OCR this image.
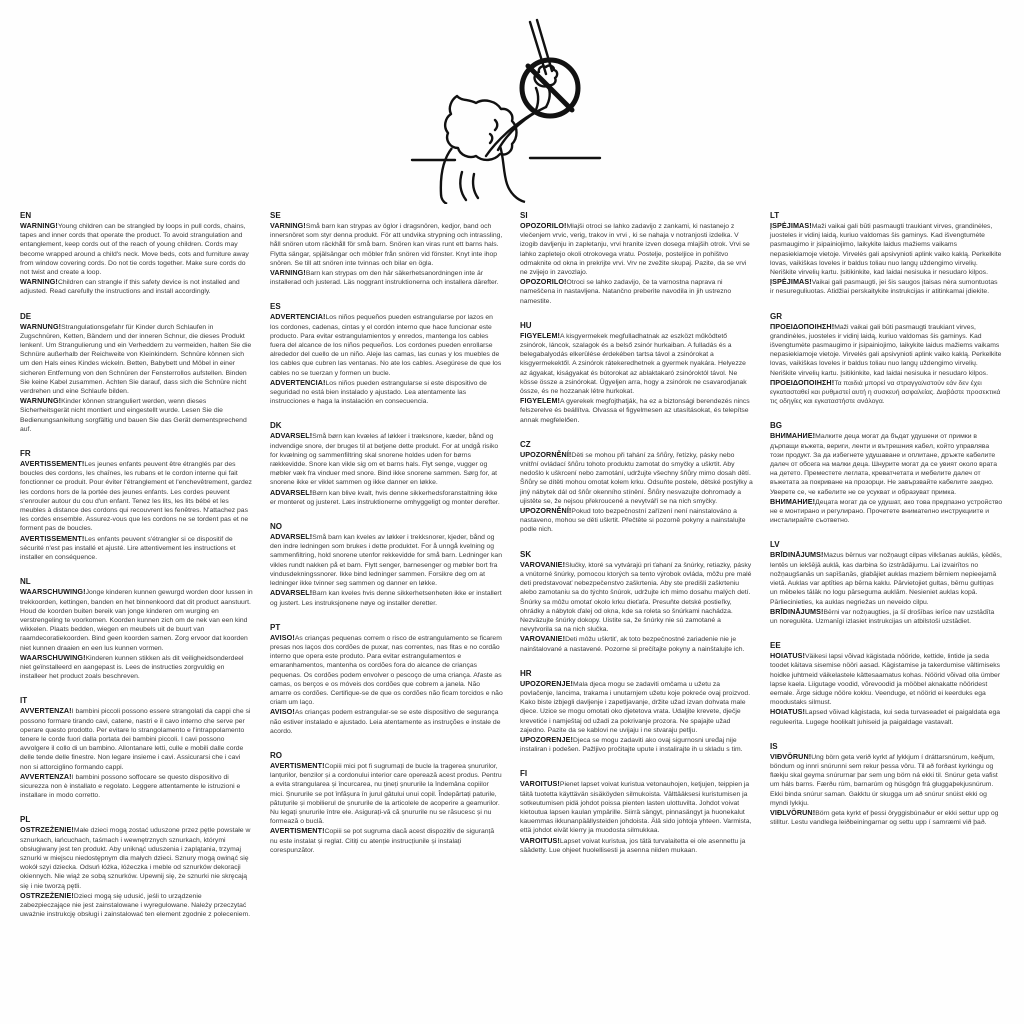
EN

WARNING!Young children can be strangled by loops in pull cords, chains, tapes and inner cords that operate the product. To avoid strangulation and entanglement, keep cords out of the reach of young children. Cords may become wrapped around a child's neck. Move beds, cots and furniture away from window covering cords. Do not tie cords together. Make sure cords do not twist and create a loop.

WARNING!Children can strangle if this safety device is not installed and adjusted. Read carefully the instructions and install accordingly.

DE

WARNUNG!Strangulationsgefahr für Kinder durch Schlaufen in Zugschnüren, Ketten, Bändern und der inneren Schnur, die dieses Produkt lenken!. Um Strangulierung und ein Verheddern zu vermeiden, halten Sie die Schnüre außerhalb der Reichweite von Kleinkindern. Schnüre können sich um den Hals eines Kindes wickeln. Betten, Babybett und Möbel in einer sicheren Entfernung von den Schnüren der Fensterrollos aufstellen. Binden Sie keine Kabel zusammen. Achten Sie darauf, dass sich die Schnüre nicht verdrehen und eine Schlaufe bilden.

WARNUNG!Kinder können stranguliert werden, wenn dieses Sicherheitsgerät nicht montiert und eingestellt wurde. Lesen Sie die Bedienungsanleitung sorgfältig und bauen Sie das Gerät dementsprechend auf.

FR

AVERTISSEMENT!Les jeunes enfants peuvent être étranglés par des boucles des cordons, les chaînes, les rubans et le cordon interne qui fait fonctionner ce produit. Pour éviter l'étranglement et l'enchevêtrement, gardez les cordons hors de la portée des jeunes enfants. Les cordes peuvent s'enrouler autour du cou d'un enfant. Tenez les lits, les lits bébé et les meubles à distance des cordons qui recouvrent les fenêtres. N'attachez pas les cordes ensemble. Assurez-vous que les cordons ne se tordent pas et ne forment pas de boucles.

AVERTISSEMENT!Les enfants peuvent s'étrangler si ce dispositif de sécurité n'est pas installé et ajusté. Lire attentivement les instructions et installer en conséquence.

NL

WAARSCHUWING!Jonge kinderen kunnen gewurgd worden door lussen in trekkoorden, kettingen, banden en het binnenkoord dat dit product aanstuurt. Houd de koorden buiten bereik van jonge kinderen om wurging en verstrengeling te voorkomen. Koorden kunnen zich om de nek van een kind wikkelen. Plaats bedden, wiegen en meubels uit de buurt van raamdecoratiekoorden. Bind geen koorden samen. Zorg ervoor dat koorden niet kunnen draaien en een lus kunnen vormen.

WAARSCHUWING!Kinderen kunnen stikken als dit veiligheidsonderdeel niet geïnstalleerd en aangepast is. Lees de instructies zorgvuldig en installeer het product zoals beschreven.

IT

AVVERTENZA!I bambini piccoli possono essere strangolati da cappi che si possono formare tirando cavi, catene, nastri e il cavo interno che serve per operare questo prodotto. Per evitare lo strangolamento e l'intrappolamento tenere le corde fuori dalla portata dei bambini piccoli. I cavi possono avvolgere il collo di un bambino. Allontanare letti, culle e mobili dalle corde delle tende delle finestre. Non legare insieme i cavi. Assicurarsi che i cavi non si attorciglino formando cappi.

AVVERTENZA!I bambini possono soffocare se questo dispositivo di sicurezza non è installato e regolato. Leggere attentamente le istruzioni e installare in modo corretto.

PL

OSTRZEŻENIE!Małe dzieci mogą zostać uduszone przez pętle powstałe w sznurkach, łańcuchach, taśmach i wewnętrznych sznurkach, którymi obsługiwany jest ten produkt. Aby uniknąć uduszenia i zaplątania, trzymaj sznurki w miejscu niedostępnym dla małych dzieci. Sznury mogą owinąć się wokół szyi dziecka. Odsuń łóżka, łóżeczka i meble od sznurków dekoracji okiennych. Nie wiąż ze sobą sznurków. Upewnij się, że sznurki nie skręcają się i nie tworzą pętli.

OSTRZEŻENIE!Dzieci mogą się udusić, jeśli to urządzenie zabezpieczające nie jest zainstalowane i wyregulowane. Należy przeczytać uważnie instrukcję obsługi i zainstalować ten element zgodnie z poleceniem.

SE

VARNING!Små barn kan strypas av öglor i dragsnören, kedjor, band och innersnöret som styr denna produkt. För att undvika strypning och intrassling, håll snören utom räckhåll för små barn. Snören kan viras runt ett barns hals. Flytta sängar, spjälsängar och möbler från snören vid fönster. Knyt inte ihop snören. Se till att snören inte tvinnas och bilar en ögla.

VARNING!Barn kan strypas om den här säkerhetsanordningen inte är installerad och justerad. Läs noggrant instruktionerna och installera därefter.

ES

ADVERTENCIA!Los niños pequeños pueden estrangularse por lazos en los cordones, cadenas, cintas y el cordón interno que hace funcionar este producto. Para evitar estrangulamientos y enredos, mantenga los cables fuera del alcance de los niños pequeños. Los cordones pueden enrollarse alrededor del cuello de un niño. Aleje las camas, las cunas y los muebles de los cables que cubren las ventanas. No ate los cables. Asegúrese de que los cables no se tuerzan y formen un bucle.

ADVERTENCIA!Los niños pueden estrangularse si este dispositivo de seguridad no está bien instalado y ajustado. Lea atentamente las instrucciones e haga la instalación en consecuencia.

DK

ADVARSEL!Små børn kan kvæles af løkker i træksnore, kæder, bånd og indvendige snore, der bruges til at betjene dette produkt. For at undgå risiko for kvælning og sammenfiltring skal snorene holdes uden for børns rækkevidde. Snore kan vikle sig om et barns hals. Flyt senge, vugger og møbler væk fra vinduer med snore. Bind ikke snorene sammen. Sørg for, at snorene ikke er viklet sammen og ikke danner en løkke.

ADVARSEL!Børn kan blive kvalt, hvis denne sikkerhedsforanstaltning ikke er monteret og justeret. Læs instruktionerne omhyggeligt og monter derefter.

NO

ADVARSEL!Små barn kan kveles av løkker i trekksnorer, kjeder, bånd og den indre ledningen som brukes i dette produktet. For å unngå kvelning og sammenfiltring, hold snorene utenfor rekkevidde for små barn. Ledninger kan vikles rundt nakken på et barn. Flytt senger, barnesenger og møbler bort fra vindusdekningssnorer. Ikke bind ledninger sammen. Forsikre deg om at ledninger ikke tvinner seg sammen og danner en løkke.

ADVARSEL!Barn kan kveles hvis denne sikkerhetsenheten ikke er installert og justert. Les instruksjonene nøye og installer deretter.

PT

AVISO!As crianças pequenas correm o risco de estrangulamento se ficarem presas nos laços dos cordões de puxar, nas correntes, nas fitas e no cordão interno que opera este produto. Para evitar estrangulamentos e emaranhamentos, mantenha os cordões fora do alcance de crianças pequenas. Os cordões podem envolver o pescoço de uma criança. Afaste as camas, os berços e os móveis dos cordões que cobrem a janela. Não amarre os cordões. Certifique-se de que os cordões não ficam torcidos e não criam um laço.

AVISO!As crianças podem estrangular-se se este dispositivo de segurança não estiver instalado e ajustado. Leia atentamente as instruções e instale de acordo.

RO

AVERTISMENT!Copiii mici pot fi sugrumați de bucle la tragerea șnururilor, lanțurilor, benzilor și a cordonului interior care operează acest produs. Pentru a evita strangularea și încurcarea, nu țineți șnururile la îndemâna copiilor mici. Șnururile se pot înfășura în jurul gâtului unui copil. Îndepărtați paturile, pătuțurile și mobilierul de șnururile de la articolele de acoperire a geamurilor. Nu legați șnururile între ele. Asigurați-vă că șnururile nu se răsucesc și nu formează o buclă.

AVERTISMENT!Copiii se pot sugruma dacă acest dispozitiv de siguranță nu este instalat și reglat. Citiți cu atenție instrucțiunile și instalați corespunzător.

SI

OPOZORILO!Mlajši otroci se lahko zadavijo z zankami, ki nastanejo z vlečenjem vrvic, verig, trakov in vrvi , ki se nahaja v notranjosti izdelka. V izogib davljenju in zapletanju, vrvi hranite izven dosega mlajših otrok. Vrvi se lahko zapletejo okoli otrokovega vratu. Postelje, posteljice in pohištvo odmaknite od okna in prekrijte vrvi. Vrv ne zvežite skupaj. Pazite, da se vrvi ne zvijejo in zavozlajo.

OPOZORILO!Otroci se lahko zadavijo, če ta varnostna naprava ni nameščena in nastavljena. Natančno preberite navodila in jih ustrezno namestite.

HU

FIGYELEM!A kisgyermekek megfulladhatnak az eszközt működtető zsinórok, láncok, szalagok és a belső zsinór hurkaiban. A fulladás és a belegabalyodás elkerülése érdekében tartsa távol a zsinórokat a kisgyermekektől. A zsinórok rátekeredhetnek a gyermek nyakára. Helyezze az ágyakat, kiságyakat és bútorokat az ablaktakaró zsinóroktól távol. Ne kösse össze a zsinórokat. Ügyeljen arra, hogy a zsinórok ne csavarodjanak össze, és ne hozzanak létre hurkokat.

FIGYELEM!A gyerekek megfojthatják, ha ez a biztonsági berendezés nincs felszerelve és beállítva. Olvassa el figyelmesen az utasításokat, és telepítse annak megfelelően.

CZ

UPOZORNĚNÍ!Děti se mohou při tahání za šňůry, řetízky, pásky nebo vnitřní ovládací šňůru tohoto produktu zamotat do smyčky a uškrtit. Aby nedošlo k uškrcení nebo zamotání, udržujte všechny šňůry mimo dosah dětí. Šňůry se dítěti mohou omotat kolem krku. Odsuňte postele, dětské postýlky a jiný nábytek dál od šňůr okenního stínění. Šňůry nesvazujte dohromady a ujistěte se, že nejsou překroucené a nevytváří se na nich smyčky.

UPOZORNĚNÍ!Pokud toto bezpečnostní zařízení není nainstalováno a nastaveno, mohou se děti uškrtit. Přečtěte si pozorně pokyny a nainstalujte podle nich.

SK

VAROVANIE!Slučky, ktoré sa vytvárajú pri ťahaní za šnúrky, retiazky, pásky a vnútorné šnúrky, pomocou ktorých sa tento výrobok ovláda, môžu pre malé deti predstavovať nebezpečenstvo zaškrtenia. Aby ste predišli zaškrteniu alebo zamotaniu sa do týchto šnúrok, udržujte ich mimo dosahu malých detí. Šnúrky sa môžu omotať okolo krku dieťaťa. Presuňte detské postieľky, ohrádky a nábytok ďalej od okna, kde sa roleta so šnúrkami nachádza. Nezväzujte šnúrky dokopy. Uistite sa, že šnúrky nie sú zamotané a nevytvorila sa na nich slučka.

VAROVANIE!Deti môžu uškrtiť, ak toto bezpečnostné zariadenie nie je nainštalované a nastavené. Pozorne si prečítajte pokyny a nainštalujte ich.

HR

UPOZORENJE!Mala djeca mogu se zadaviti omčama u užetu za povlačenje, lancima, trakama i unutarnjem užetu koje pokreće ovaj proizvod. Kako biste izbjegli davljenje i zapetljavanje, držite užad izvan dohvata male djece. Uzice se mogu omotati oko djetetova vrata. Udaljite krevete, dječje krevetiće i namještaj od užadi za pokrivanje prozora. Ne spajajte užad zajedno. Pazite da se kablovi ne uvijaju i ne stvaraju petlju.

UPOZORENJE!Djeca se mogu zadaviti ako ovaj sigurnosni uređaj nije instaliran i podešen. Pažljivo pročitajte upute i instalirajte ih u skladu s tim.

FI

VAROITUS!Pienet lapset voivat kuristua vetonauhojen, ketjujen, teippien ja täitä tuotetta käyttävän sisäköyden silmukoista. Välttääksesi kuristumisen ja sotkeutumisen pidä johdot poissa pienten lasten ulottuvilta. Johdot voivat kietoutua lapsen kaulan ympärille. Siirrä sängyt, pinnasängyt ja huonekalut kauemmas ikkunanpäällysteiden johdoista. Älä sido johtoja yhteen. Varmista, että johdot eivät kierry ja muodosta silmukkaa.

VAROITUS!Lapset voivat kuristua, jos tätä turvalaitetta ei ole asennettu ja säädetty. Lue ohjeet huolellisesti ja asenna niiden mukaan.

LT

ĮSPĖJIMAS!Maži vaikai gali būti pasmaugti traukiant virves, grandinėles, juosteles ir vidinį laidą, kuriuo valdomas šis gaminys. Kad išvengtumėte pasmaugimo ir įsipainiojimo, laikykite laidus mažiems vaikams nepasiekiamoje vietoje. Virvelės gali apsivynioti aplink vaiko kaklą. Perkelkite lovas, vaikiškas loveles ir baldus toliau nuo langų uždengimo virvelių. Neriškite virvelių kartu. Įsitikinkite, kad laidai nesisuka ir nesudaro kilpos.

ĮSPĖJIMAS!Vaikai gali pasmaugti, jei šis saugos įtaisas nėra sumontuotas ir nesureguliuotas. Atidžiai perskaitykite instrukcijas ir atitinkamai įdiekite.

GR

ΠΡΟΕΙΔΟΠΟΙΗΣΗ!Maži vaikai gali būti pasmaugti traukiant virves, grandinėles, juosteles ir vidinį laidą, kuriuo valdomas šis gaminys. Kad išvengtumėte pasmaugimo ir įsipainiojimo, laikykite laidus mažiems vaikams nepasiekiamoje vietoje. Virvelės gali apsivynioti aplink vaiko kaklą. Perkelkite lovas, vaikiškas loveles ir baldus toliau nuo langų uždengimo virvelių. Neriškite virvelių kartu. Įsitikinkite, kad laidai nesisuka ir nesudaro kilpos.

ΠΡΟΕΙΔΟΠΟΙΗΣΗ!Τα παιδιά μπορεί να στραγγαλιστούν εάν δεν έχει εγκατασταθεί και ρυθμιστεί αυτή η συσκευή ασφαλείας. Διαβάστε προσεκτικά τις οδηγίες και εγκαταστήστε ανάλογα.

BG

ВНИМАНИЕ!Малките деца могат да бъдат удушени от примки в дърпащи въжета, вериги, ленти и вътрешния кабел, който управлява този продукт. За да избегнете удушаване и оплитане, дръжте кабелите далеч от обсега на малки деца. Шнурите могат да се увият около врата на детето. Преместете леглата, креватчетата и мебелите далеч от въжетата за покриване на прозорци. Не завързвайте кабелите заедно. Уверете се, че кабелите не се усукват и образуват примка.

ВНИМАНИЕ!Децата могат да се удушат, ако това предпазно устройство не е монтирано и регулирано. Прочетете внимателно инструкциите и инсталирайте съответно.

LV

BRĪDINĀJUMS!Mazus bērnus var nožņaugt cilpas vilkšanas auklās, ķēdēs, lentēs un iekšējā auklā, kas darbina šo izstrādājumu. Lai izvairītos no nožņaugšanās un sapīšanās, glabājiet auklas maziem bērniem nepieejamā vietā. Auklas var aptīties ap bērna kaklu. Pārvietojiet gultas, bērnu gultiņas un mēbeles tālāk no logu pārseguma auklām. Nesieniet auklas kopā. Pārliecinieties, ka auklas negriežas un neveido cilpu.

BRĪDINĀJUMS!Bērni var nožņaugties, ja šī drošības ierīce nav uzstādīta un noregulēta. Uzmanīgi izlasiet instrukcijas un atbilstoši uzstādiet.

EE

HOIATUS!Väikesi lapsi võivad kägistada nööride, kettide, lintide ja seda toodet käitava sisemise nööri aasad. Kägistamise ja takerdumise vältimiseks hoidke juhtmeid väikelastele kättesaamatus kohas. Nöörid võivad olla ümber lapse kaela. Liigutage voodid, võrevoodid ja mööbel aknakatte nööridest eemale. Ärge siduge nööre kokku. Veenduge, et nöörid ei keerduks ega moodustaks silmust.

HOIATUS!Lapsed võivad kägistada, kui seda turvaseadet ei paigaldata ega reguleerita. Lugege hoolikalt juhiseid ja paigaldage vastavalt.

IS

VIÐVÖRUN!Ung börn geta verið kyrkt af lykkjum í dráttarsnúrum, keðjum, böndum og innri snúrunni sem rekur þessa vöru. Til að forðast kyrkingu og flækju skal geyma snúrurnar þar sem ung börn ná ekki til. Snúrur geta vafist um háls barns. Færðu rúm, barnarúm og húsgögn frá gluggaþekjusnúrum. Ekki binda snúrur saman. Gakktu úr skugga um að snúrur snúist ekki og myndi lykkju.

VIÐLVÖRUN!Börn geta kyrkt ef þessi öryggisbúnaður er ekki settur upp og stilltur. Lestu vandlega leiðbeiningarnar og settu upp í samræmi við það.
